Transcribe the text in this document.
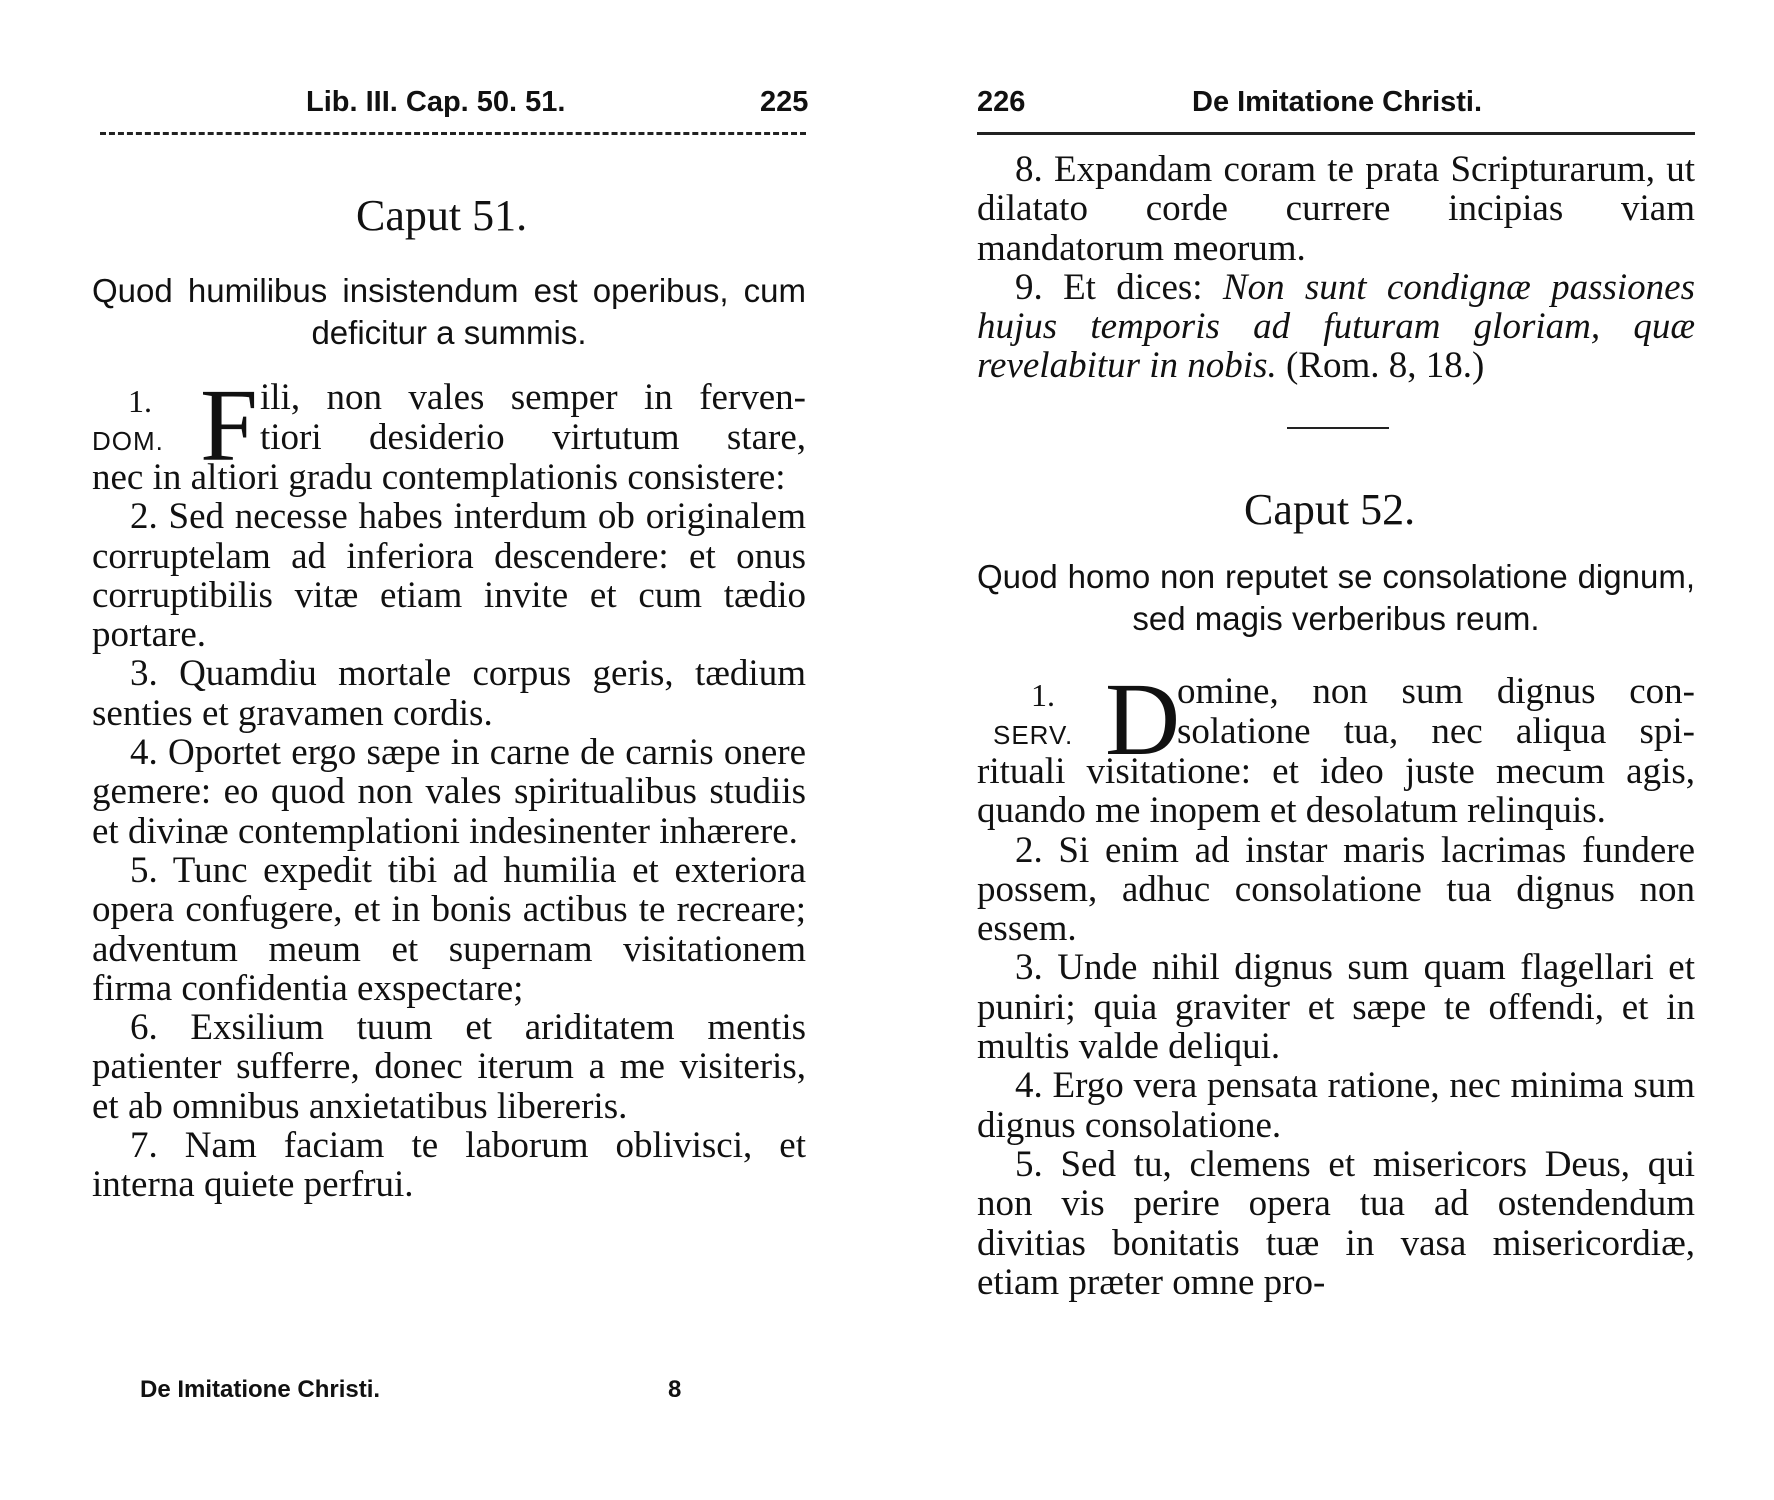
Lib. III. Cap. 50. 51.	225
Caput 51.
Quod humilibus insistendum est operibus, cum deficitur a summis.
1.
DOM. F ili, non vales semper in ferven-
tiori desiderio virtutum stare,

nec in altiori gradu contemplationis consistere:

2. Sed necesse habes interdum ob originalem corruptelam ad inferiora descendere: et onus corruptibilis vitæ etiam invite et cum tædio portare.

3. Quamdiu mortale corpus geris, tædium senties et gravamen cordis.

4. Oportet ergo sæpe in carne de carnis onere gemere: eo quod non vales spiritualibus studiis et divinæ contemplationi indesinenter inhærere.

5. Tunc expedit tibi ad humilia et exteriora opera confugere, et in bonis actibus te recreare; adventum meum et supernam visitationem firma confidentia exspectare;

6. Exsilium tuum et ariditatem mentis patienter sufferre, donec iterum a me visiteris, et ab omnibus anxietatibus libereris.

7. Nam faciam te laborum oblivisci, et interna quiete perfrui.

De Imitatione Christi.	8
226	De Imitatione Christi.

8. Expandam coram te prata Scripturarum, ut dilatato corde currere incipias viam mandatorum meorum.

9. Et dices: Non sunt condignæ passiones hujus temporis ad futuram gloriam, quæ revelabitur in nobis. (Rom. 8, 18.)

Caput 52.
Quod homo non reputet se consolatione dignum, sed magis verberibus reum.
1.
SERV. D
omine, non sum dignus con-
solatione tua, nec aliqua spi-

rituali visitatione: et ideo juste mecum agis, quando me inopem et desolatum relinquis.

2. Si enim ad instar maris lacrimas fundere possem, adhuc consolatione tua dignus non essem.

3. Unde nihil dignus sum quam flagellari et puniri; quia graviter et sæpe te offendi, et in multis valde deliqui.

4. Ergo vera pensata ratione, nec minima sum dignus consolatione.

5. Sed tu, clemens et misericors Deus, qui non vis perire opera tua ad ostendendum divitias bonitatis tuæ in vasa misericordiæ, etiam præter omne pro-
